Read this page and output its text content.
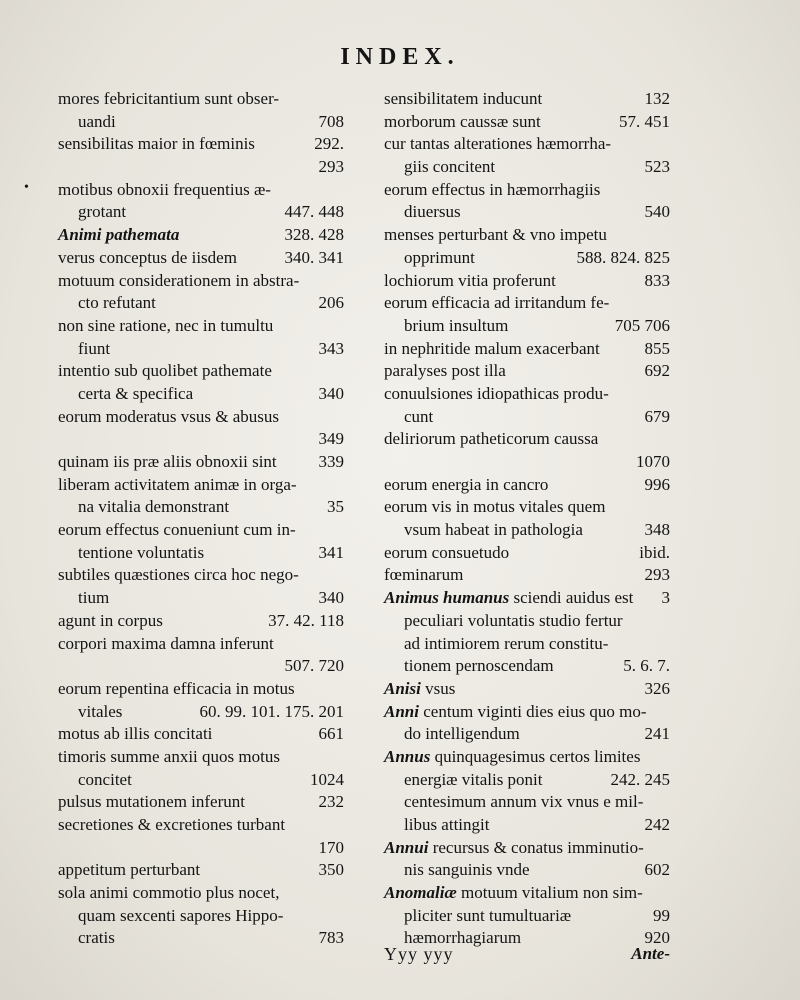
INDEX.
•
mores febricitantium sunt obser-
uandi	708
sensibilitas maior in fœminis	292.
293
motibus obnoxii frequentius æ-
grotant	447. 448
Animi pathemata	328. 428
verus conceptus de iisdem	340. 341
motuum considerationem in abstra-
cto refutant	206
non sine ratione, nec in tumultu
fiunt	343
intentio sub quolibet pathemate
certa & specifica	340
eorum moderatus vsus & abusus
349
quinam iis præ aliis obnoxii sint 339
liberam activitatem animæ in orga-
na vitalia demonstrant	35
eorum effectus conueniunt cum in-
tentione voluntatis	341
subtiles quæstiones circa hoc nego-
tium	340
agunt in corpus	37. 42. 118
corpori maxima damna inferunt
507. 720
eorum repentina efficacia in motus
vitales	60. 99. 101. 175. 201
motus ab illis concitati	661
timoris summe anxii quos motus
concitet	1024
pulsus mutationem inferunt	232
secretiones & excretiones turbant
170
appetitum perturbant	350
sola animi commotio plus nocet,
quam sexcenti sapores Hippo-
cratis	783
sensibilitatem inducunt	132
morborum caussæ sunt	57. 451
cur tantas alterationes hæmorrha-
giis concitent	523
eorum effectus in hæmorrhagiis
diuersus	540
menses perturbant & vno impetu
opprimunt	588. 824. 825
lochiorum vitia proferunt	833
eorum efficacia ad irritandum fe-
brium insultum	705 706
in nephritide malum exacerbant	855
paralyses post illa	692
conuulsiones idiopathicas produ-
cunt	679
deliriorum patheticorum caussa
1070
eorum energia in cancro	996
eorum vis in motus vitales quem
vsum habeat in pathologia	348
eorum consuetudo	ibid.
fœminarum	293
Animus humanus sciendi auidus est 3
peculiari voluntatis studio fertur
ad intimiorem rerum constitu-
tionem pernoscendam	5. 6. 7.
Anisi vsus	326
Anni centum viginti dies eius quo mo-
do intelligendum	241
Annus quinquagesimus certos limites
energiæ vitalis ponit	242. 245
centesimum annum vix vnus e mil-
libus attingit	242
Annui recursus & conatus imminutio-
nis sanguinis vnde	602
Anomaliæ motuum vitalium non sim-
pliciter sunt tumultuariæ	99
hæmorrhagiarum	920
Yyy yyy	Ante-
